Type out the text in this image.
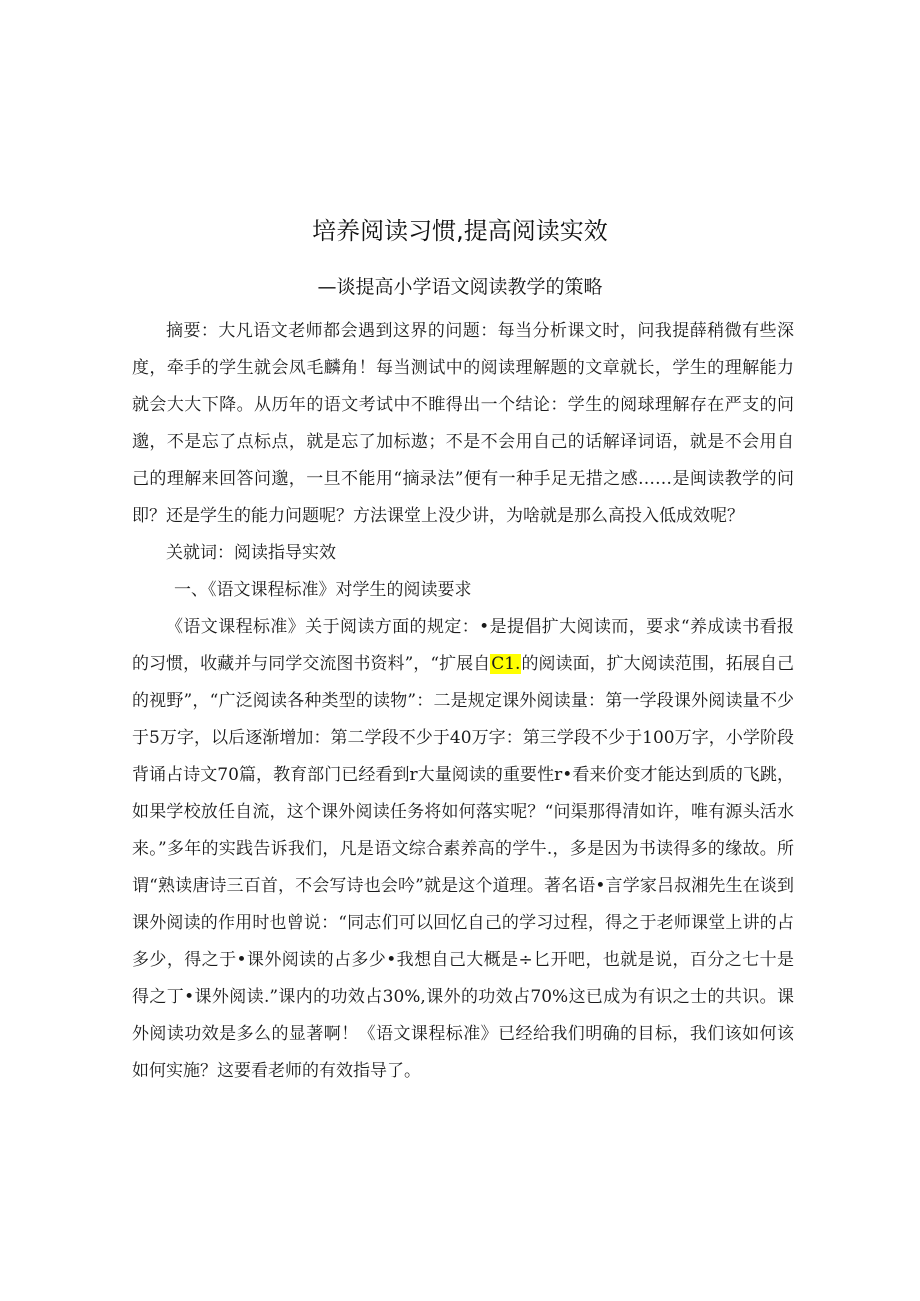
培养阅读习惯,提高阅读实效
—谈提高小学语文阅读教学的策略

摘要：大凡语文老师都会遇到这界的问题：每当分析课文时，问我提薛稍微有些深度，牵手的学生就会凤毛麟角！每当测试中的阅读理解题的文章就长，学生的理解能力就会大大下降。从历年的语文考试中不睢得出一个结论：学生的阅球理解存在严支的问邈，不是忘了点标点，就是忘了加标遨；不是不会用自己的话解译词语，就是不会用自己的理解来回答问邈，一旦不能用“摘录法”便有一种手足无措之感……是闽读教学的问即？还是学生的能力问题呢？方法课堂上没少讲，为啥就是那么高投入低成效呢？

关就词：阅读指导实效

一、《语文课程标准》对学生的阅读要求

《语文课程标准》关于阅读方面的规定：•是提倡扩大阅读而，要求“养成读书看报的习惯，收藏并与同学交流图书资料”，“扩展自C1.的阅读面，扩大阅读范围，拓展自己的视野”，“广泛阅读各种类型的读物”：二是规定课外阅读量：第一学段课外阅读量不少于5万字，以后逐渐增加：第二学段不少于40万字：第三学段不少于100万字，小学阶段背诵占诗文70篇，教育部门已经看到r大量阅读的重要性r•看来价变才能达到质的飞跳，如果学校放任自流，这个课外阅读任务将如何落实呢？“问渠那得清如许，唯有源头活水来。”多年的实践告诉我们，凡是语文综合素养高的学牛.，多是因为书读得多的缘故。所谓“熟读唐诗三百首，不会写诗也会吟”就是这个道理。著名语•言学家吕叔湘先生在谈到课外阅读的作用时也曾说：“同志们可以回忆自己的学习过程，得之于老师课堂上讲的占多少，得之于•课外阅读的占多少•我想自己大概是÷匕开吧，也就是说，百分之七十是得之丁•课外阅读.”课内的功效占30%,课外的功效占70%这已成为有识之士的共识。课外阅读功效是多么的显著啊！《语文课程标准》已经给我们明确的目标，我们该如何该如何实施？这要看老师的有效指导了。
